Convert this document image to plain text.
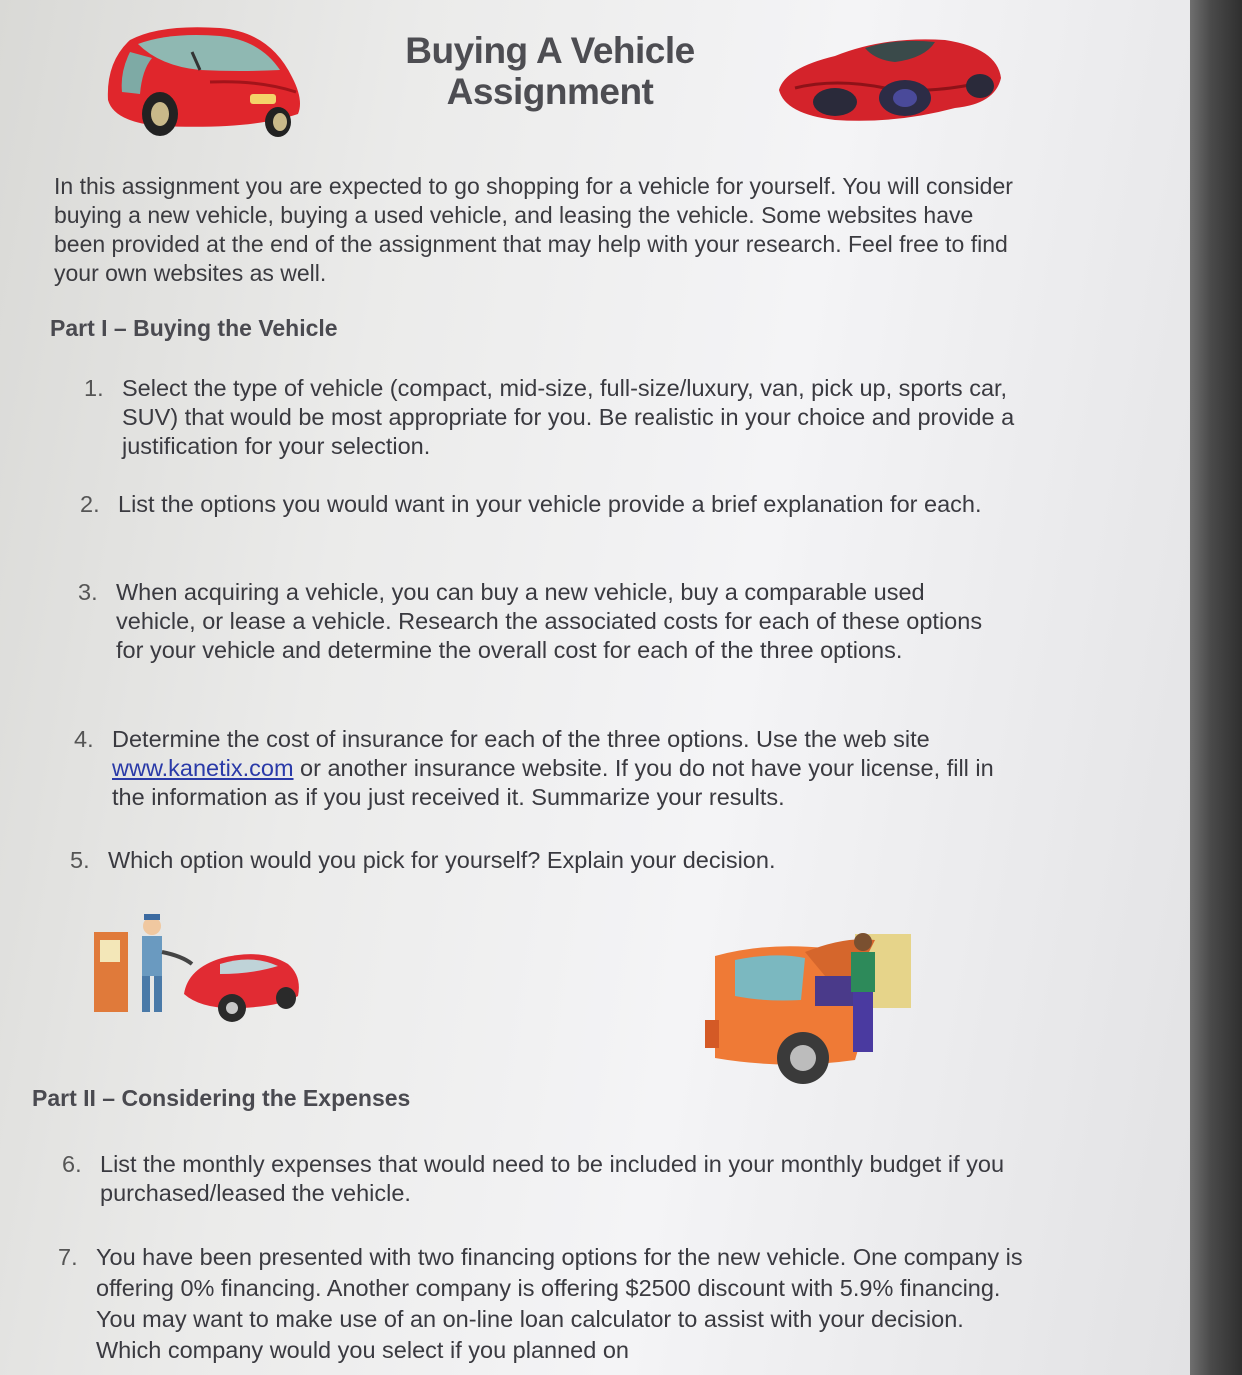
Buying A Vehicle
Assignment
In this assignment you are expected to go shopping for a vehicle for yourself. You will consider buying a new vehicle, buying a used vehicle, and leasing the vehicle. Some websites have been provided at the end of the assignment that may help with your research. Feel free to find your own websites as well.
Part I – Buying the Vehicle
1. Select the type of vehicle (compact, mid-size, full-size/luxury, van, pick up, sports car, SUV) that would be most appropriate for you. Be realistic in your choice and provide a justification for your selection.
2. List the options you would want in your vehicle provide a brief explanation for each.
3. When acquiring a vehicle, you can buy a new vehicle, buy a comparable used vehicle, or lease a vehicle. Research the associated costs for each of these options for your vehicle and determine the overall cost for each of the three options.
4. Determine the cost of insurance for each of the three options. Use the web site www.kanetix.com or another insurance website. If you do not have your license, fill in the information as if you just received it. Summarize your results.
5. Which option would you pick for yourself? Explain your decision.
Part II – Considering the Expenses
6. List the monthly expenses that would need to be included in your monthly budget if you purchased/leased the vehicle.
7. You have been presented with two financing options for the new vehicle. One company is offering 0% financing. Another company is offering $2500 discount with 5.9% financing. You may want to make use of an on-line loan calculator to assist with your decision. Which company would you select if you planned on
